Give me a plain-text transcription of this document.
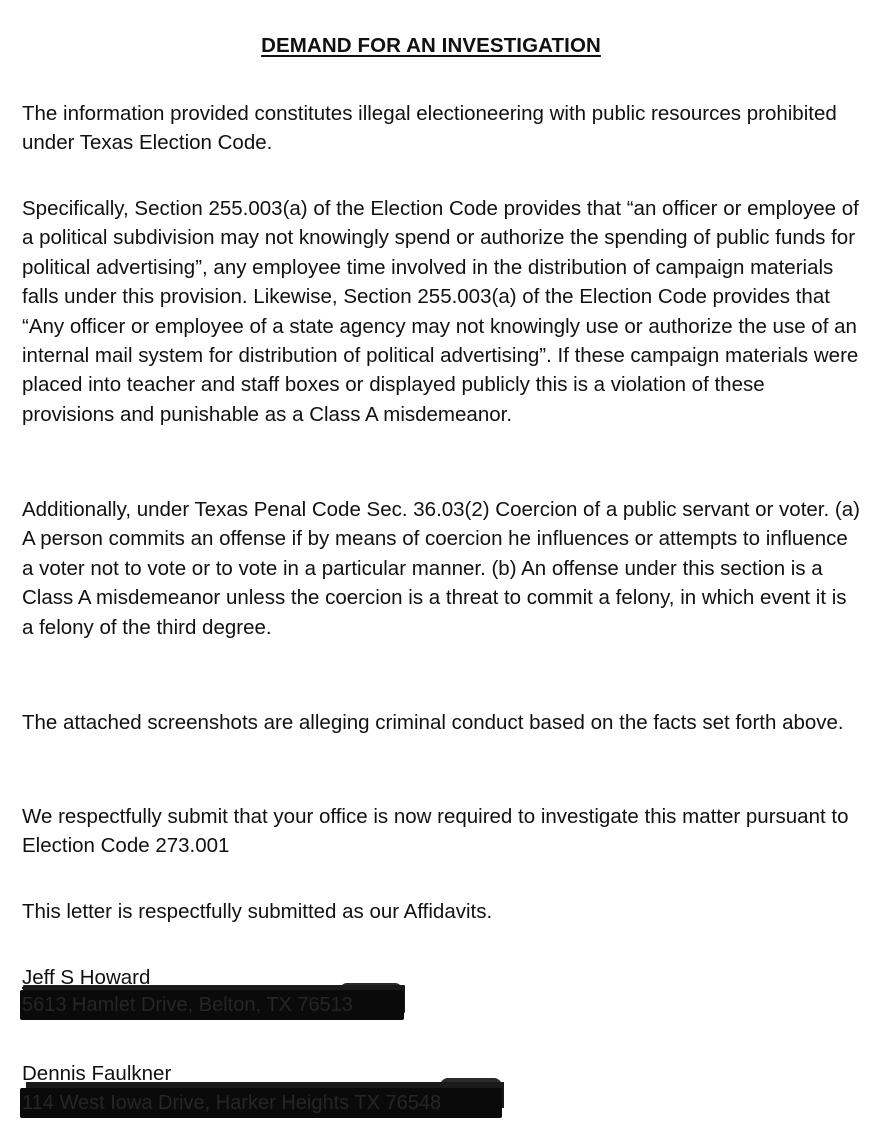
DEMAND FOR AN INVESTIGATION

The information provided constitutes illegal electioneering with public resources prohibited under Texas Election Code.

Specifically, Section 255.003(a) of the Election Code provides that “an officer or employee of a political subdivision may not knowingly spend or authorize the spending of public funds for political advertising”, any employee time involved in the distribution of campaign materials falls under this provision. Likewise, Section 255.003(a) of the Election Code provides that “Any officer or employee of a state agency may not knowingly use or authorize the use of an internal mail system for distribution of political advertising”. If these campaign materials were placed into teacher and staff boxes or displayed publicly this is a violation of these provisions and punishable as a Class A misdemeanor.

Additionally, under Texas Penal Code Sec. 36.03(2) Coercion of a public servant or voter. (a) A person commits an offense if by means of coercion he influences or attempts to influence a voter not to vote or to vote in a particular manner. (b) An offense under this section is a Class A misdemeanor unless the coercion is a threat to commit a felony, in which event it is a felony of the third degree.

The attached screenshots are alleging criminal conduct based on the facts set forth above.

We respectfully submit that your office is now required to investigate this matter pursuant to Election Code 273.001

This letter is respectfully submitted as our Affidavits.

Jeff S Howard
5613 Hamlet Drive, Belton, TX 76513
Dennis Faulkner
114 West Iowa Drive, Harker Heights TX 76548
